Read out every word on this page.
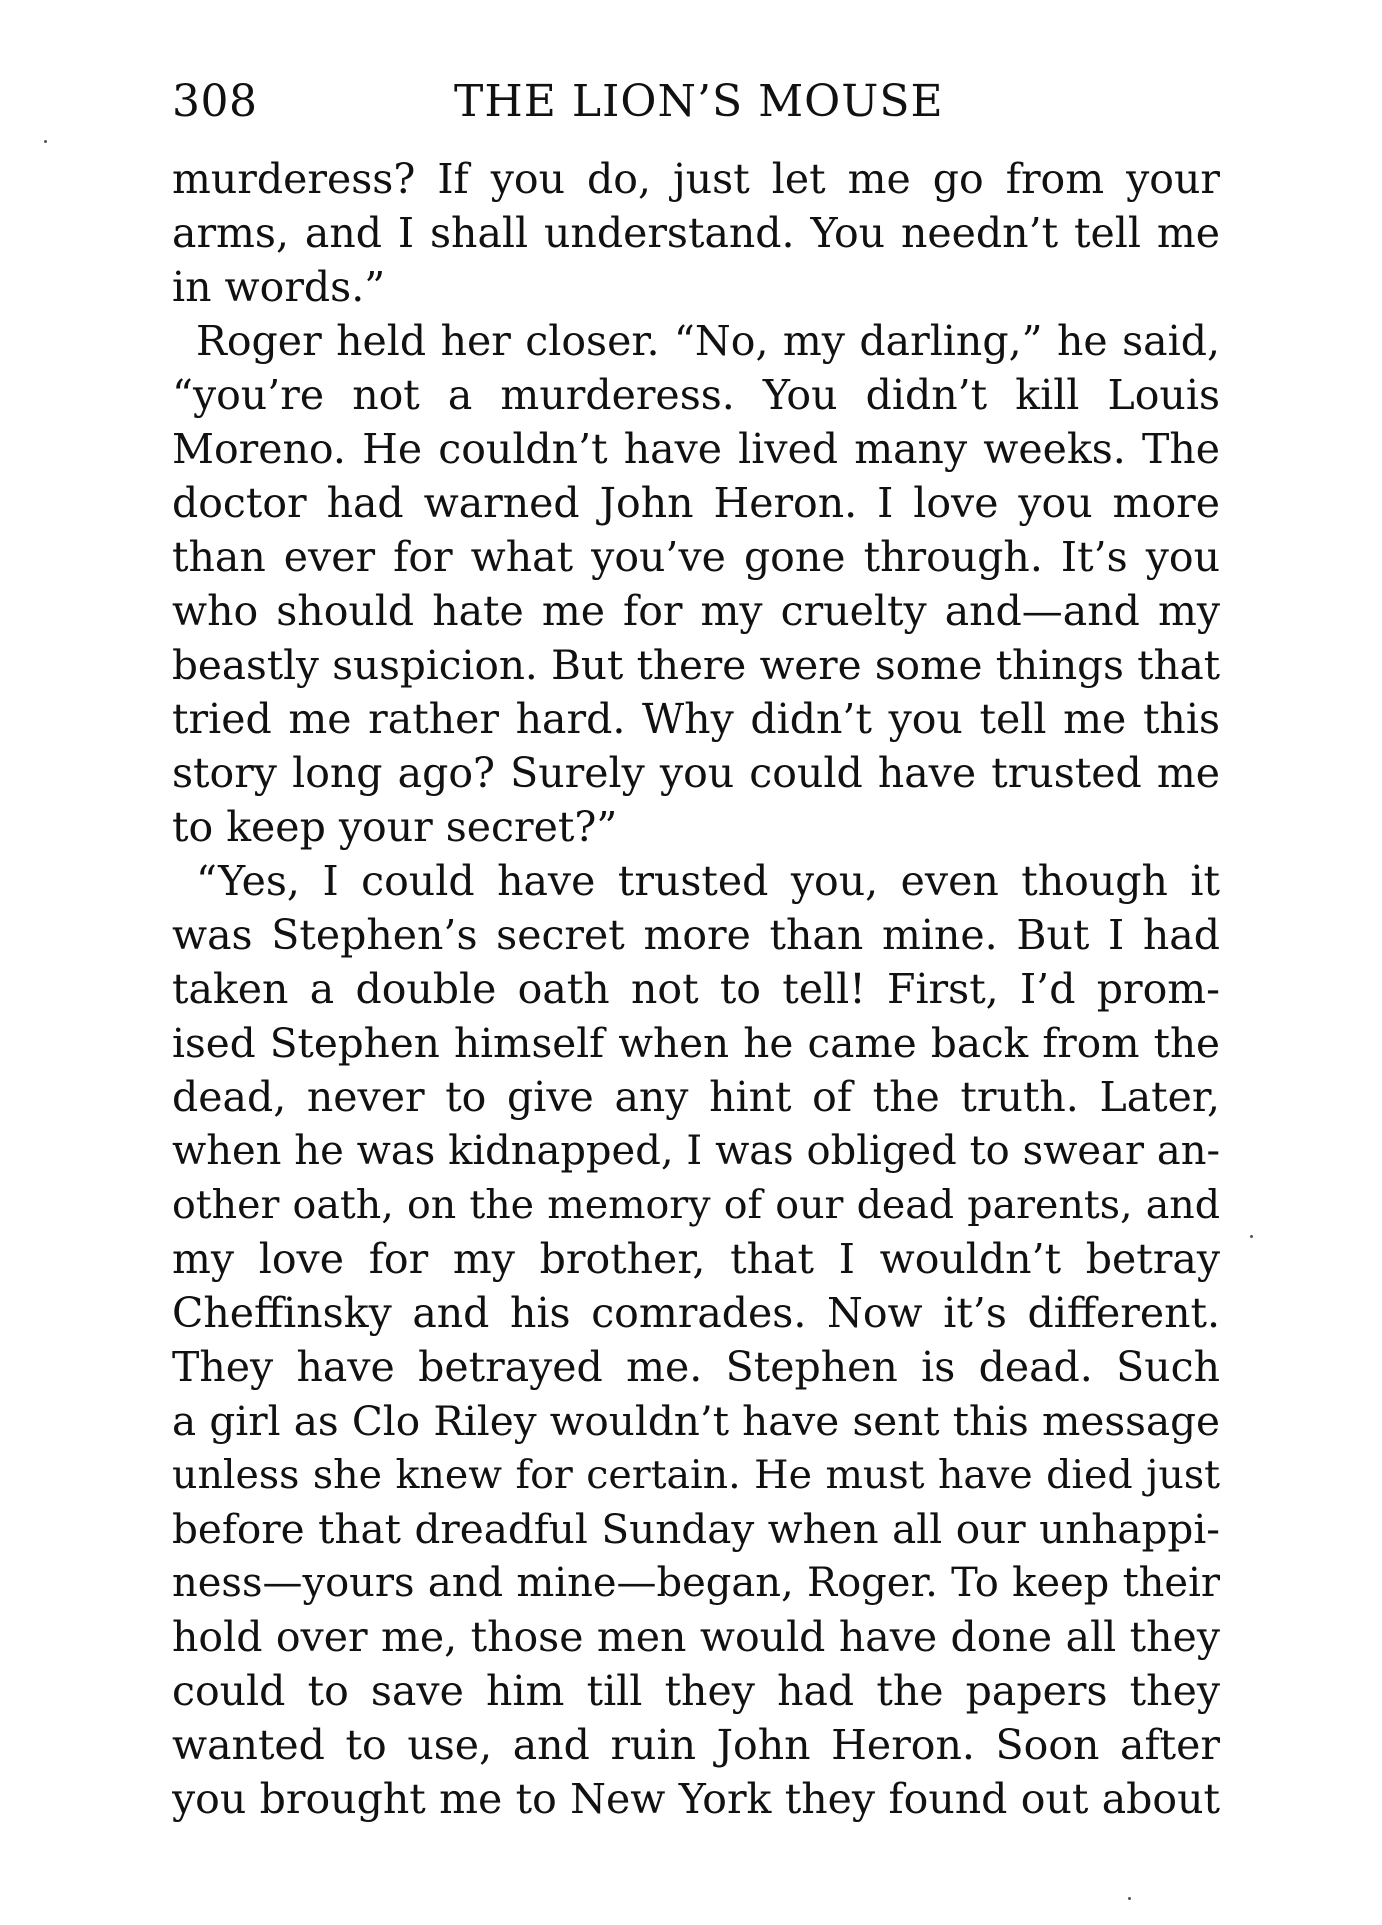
308	THE LION’S MOUSE
murderess? If you do, just let me go from your
arms, and I shall understand. You needn’t tell me
in words.”
Roger held her closer. “No, my darling,” he said,
“you’re not a murderess. You didn’t kill Louis
Moreno. He couldn’t have lived many weeks. The
doctor had warned John Heron. I love you more
than ever for what you’ve gone through. It’s you
who should hate me for my cruelty and—and my
beastly suspicion. But there were some things that
tried me rather hard. Why didn’t you tell me this
story long ago? Surely you could have trusted me
to keep your secret?”
“Yes, I could have trusted you, even though it
was Stephen’s secret more than mine. But I had
taken a double oath not to tell! First, I’d prom-
ised Stephen himself when he came back from the
dead, never to give any hint of the truth. Later,
when he was kidnapped, I was obliged to swear an-
other oath, on the memory of our dead parents, and
my love for my brother, that I wouldn’t betray
Cheffinsky and his comrades. Now it’s different.
They have betrayed me. Stephen is dead. Such
a girl as Clo Riley wouldn’t have sent this message
unless she knew for certain. He must have died just
before that dreadful Sunday when all our unhappi-
ness—yours and mine—began, Roger. To keep their
hold over me, those men would have done all they
could to save him till they had the papers they
wanted to use, and ruin John Heron. Soon after
you brought me to New York they found out about
